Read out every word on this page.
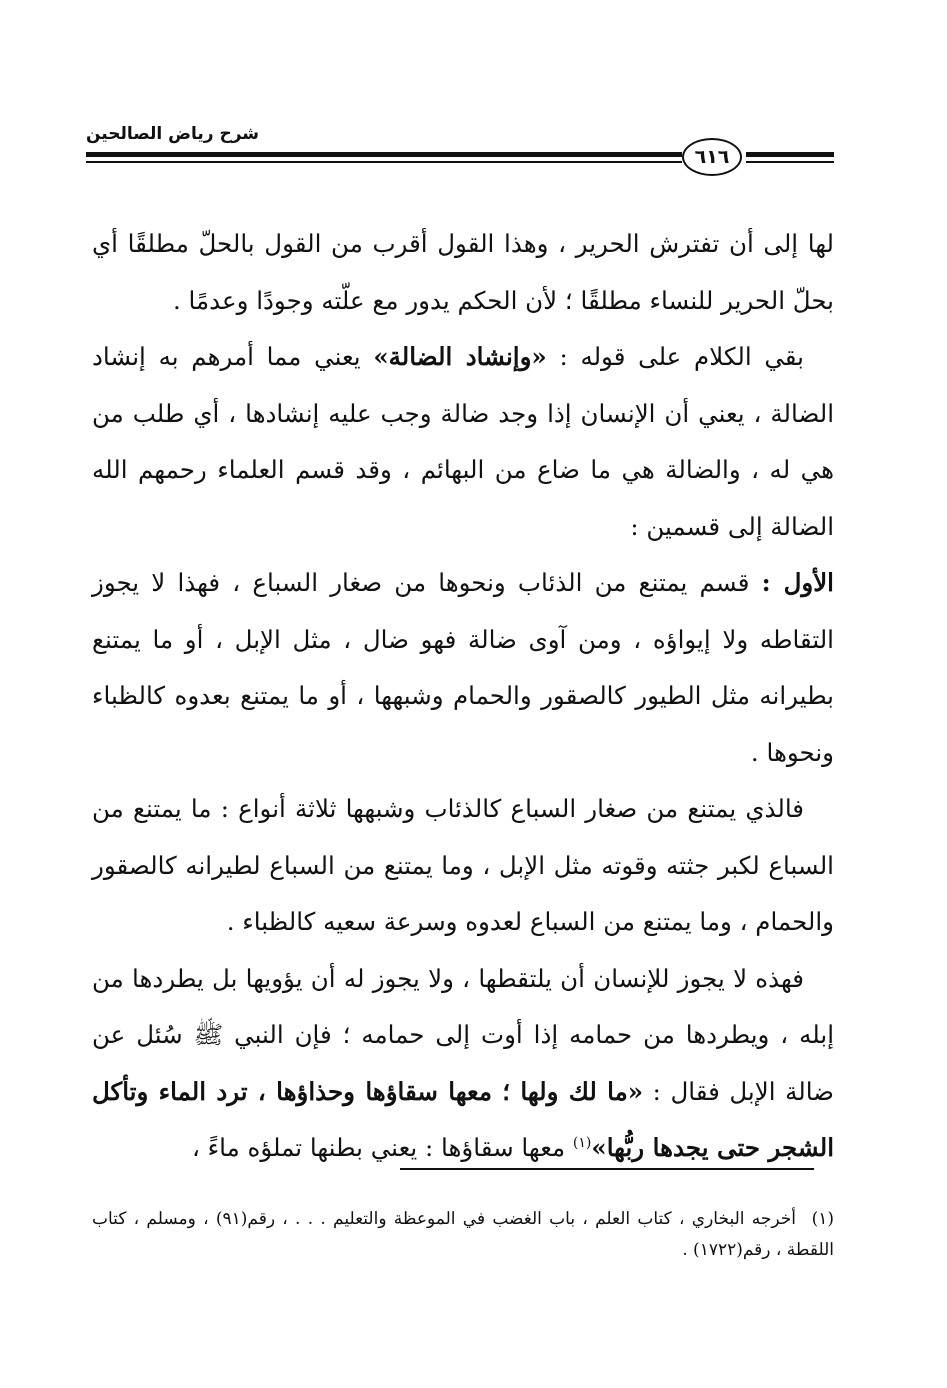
شرح رياض الصالحين
٦١٦

لها إلى أن تفترش الحرير ، وهذا القول أقرب من القول بالحلّ مطلقًا أي بحلّ الحرير للنساء مطلقًا ؛ لأن الحكم يدور مع علّته وجودًا وعدمًا .

بقي الكلام على قوله : «وإنشاد الضالة» يعني مما أمرهم به إنشاد الضالة ، يعني أن الإنسان إذا وجد ضالة وجب عليه إنشادها ، أي طلب من هي له ، والضالة هي ما ضاع من البهائم ، وقد قسم العلماء رحمهم الله الضالة إلى قسمين :

الأول : قسم يمتنع من الذئاب ونحوها من صغار السباع ، فهذا لا يجوز التقاطه ولا إيواؤه ، ومن آوى ضالة فهو ضال ، مثل الإبل ، أو ما يمتنع بطيرانه مثل الطيور كالصقور والحمام وشبهها ، أو ما يمتنع بعدوه كالظباء ونحوها .

فالذي يمتنع من صغار السباع كالذئاب وشبهها ثلاثة أنواع : ما يمتنع من السباع لكبر جثته وقوته مثل الإبل ، وما يمتنع من السباع لطيرانه كالصقور والحمام ، وما يمتنع من السباع لعدوه وسرعة سعيه كالظباء .

فهذه لا يجوز للإنسان أن يلتقطها ، ولا يجوز له أن يؤويها بل يطردها من إبله ، ويطردها من حمامه إذا أوت إلى حمامه ؛ فإن النبي ﷺ سُئل عن ضالة الإبل فقال : «ما لك ولها ؛ معها سقاؤها وحذاؤها ، ترد الماء وتأكل الشجر حتى يجدها ربُّها»$^{(١)}$ معها سقاؤها : يعني بطنها تملؤه ماءً ،

(١)أخرجه البخاري ، كتاب العلم ، باب الغضب في الموعظة والتعليم . . . ، رقم(٩١) ، ومسلم ، كتاب اللقطة ، رقم(١٧٢٢) .
